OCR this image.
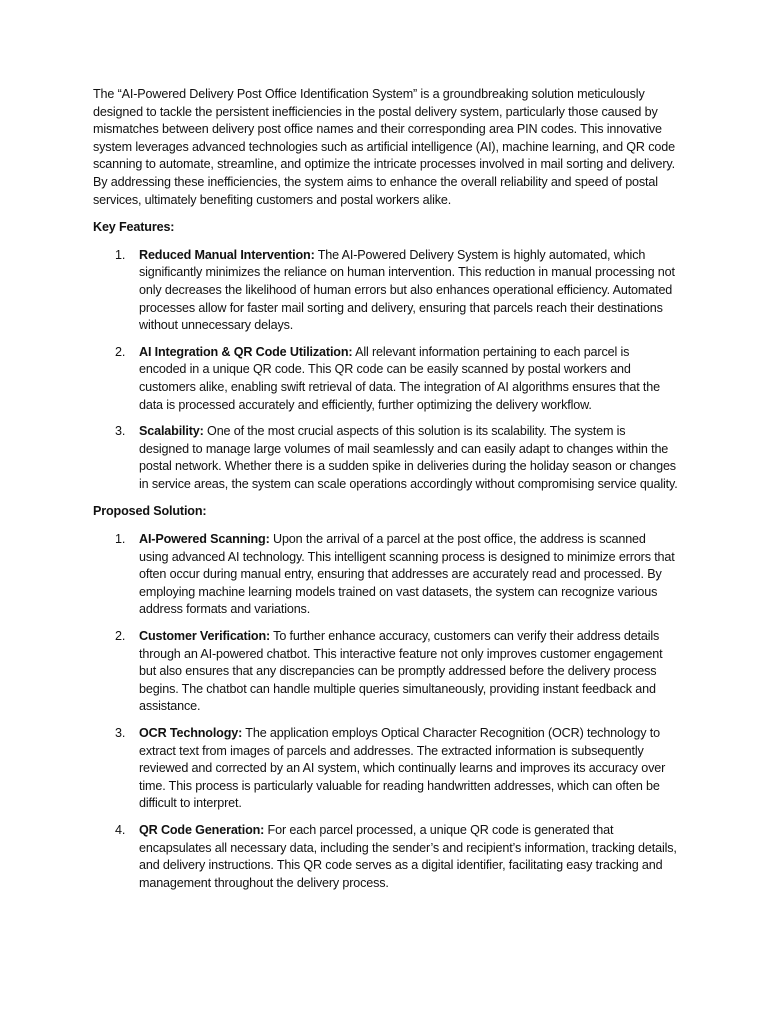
The “AI-Powered Delivery Post Office Identification System” is a groundbreaking solution meticulously designed to tackle the persistent inefficiencies in the postal delivery system, particularly those caused by mismatches between delivery post office names and their corresponding area PIN codes. This innovative system leverages advanced technologies such as artificial intelligence (AI), machine learning, and QR code scanning to automate, streamline, and optimize the intricate processes involved in mail sorting and delivery. By addressing these inefficiencies, the system aims to enhance the overall reliability and speed of postal services, ultimately benefiting customers and postal workers alike.

Key Features:

1. Reduced Manual Intervention: The AI-Powered Delivery System is highly automated, which significantly minimizes the reliance on human intervention. This reduction in manual processing not only decreases the likelihood of human errors but also enhances operational efficiency. Automated processes allow for faster mail sorting and delivery, ensuring that parcels reach their destinations without unnecessary delays.
2. AI Integration & QR Code Utilization: All relevant information pertaining to each parcel is encoded in a unique QR code. This QR code can be easily scanned by postal workers and customers alike, enabling swift retrieval of data. The integration of AI algorithms ensures that the data is processed accurately and efficiently, further optimizing the delivery workflow.
3. Scalability: One of the most crucial aspects of this solution is its scalability. The system is designed to manage large volumes of mail seamlessly and can easily adapt to changes within the postal network. Whether there is a sudden spike in deliveries during the holiday season or changes in service areas, the system can scale operations accordingly without compromising service quality.

Proposed Solution:

1. AI-Powered Scanning: Upon the arrival of a parcel at the post office, the address is scanned using advanced AI technology. This intelligent scanning process is designed to minimize errors that often occur during manual entry, ensuring that addresses are accurately read and processed. By employing machine learning models trained on vast datasets, the system can recognize various address formats and variations.
2. Customer Verification: To further enhance accuracy, customers can verify their address details through an AI-powered chatbot. This interactive feature not only improves customer engagement but also ensures that any discrepancies can be promptly addressed before the delivery process begins. The chatbot can handle multiple queries simultaneously, providing instant feedback and assistance.
3. OCR Technology: The application employs Optical Character Recognition (OCR) technology to extract text from images of parcels and addresses. The extracted information is subsequently reviewed and corrected by an AI system, which continually learns and improves its accuracy over time. This process is particularly valuable for reading handwritten addresses, which can often be difficult to interpret.
4. QR Code Generation: For each parcel processed, a unique QR code is generated that encapsulates all necessary data, including the sender’s and recipient’s information, tracking details, and delivery instructions. This QR code serves as a digital identifier, facilitating easy tracking and management throughout the delivery process.
